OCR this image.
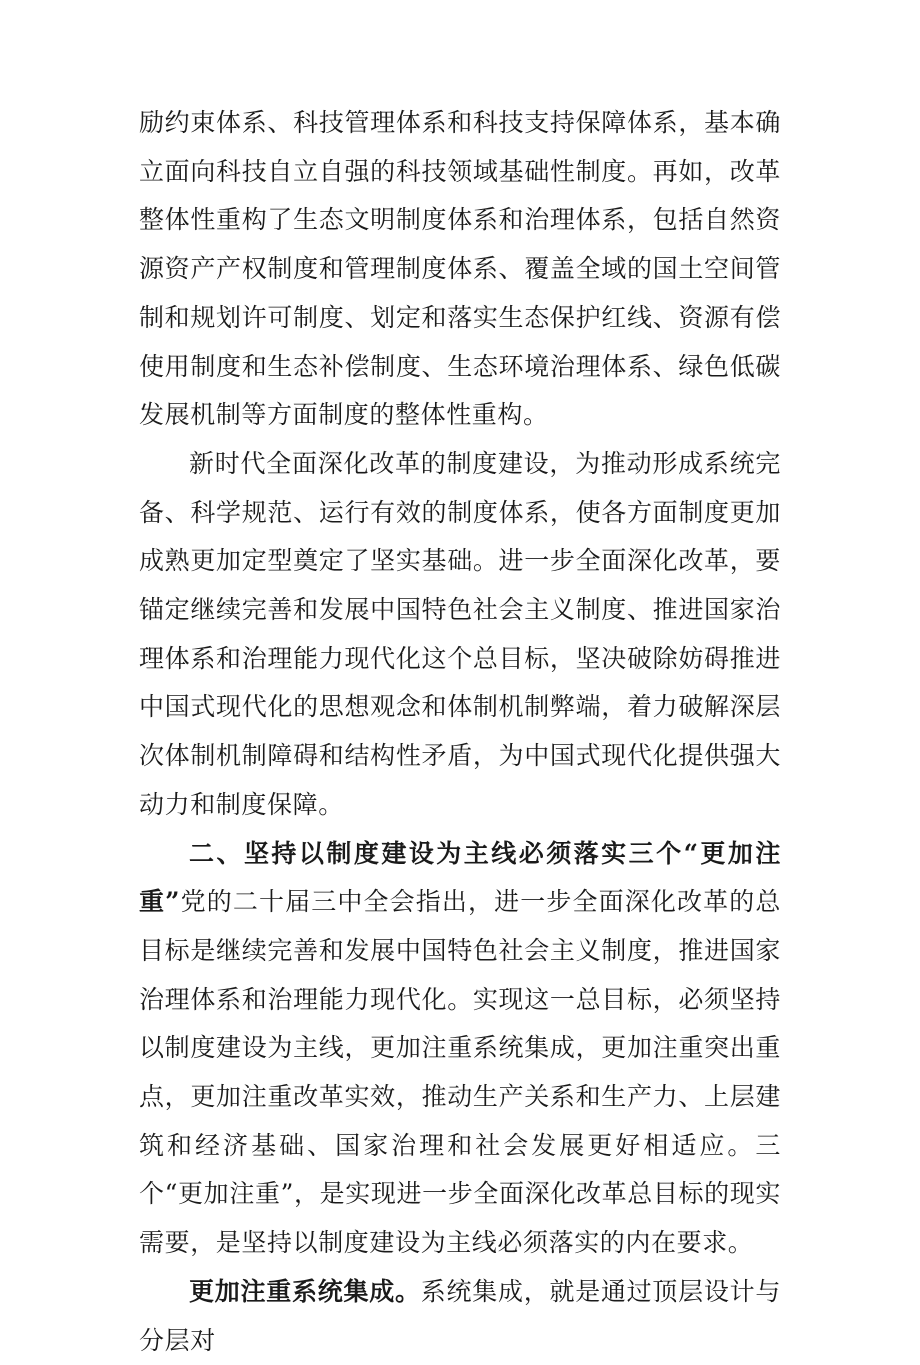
励约束体系、科技管理体系和科技支持保障体系，基本确立面向科技自立自强的科技领域基础性制度。再如，改革整体性重构了生态文明制度体系和治理体系，包括自然资源资产产权制度和管理制度体系、覆盖全域的国土空间管制和规划许可制度、划定和落实生态保护红线、资源有偿使用制度和生态补偿制度、生态环境治理体系、绿色低碳发展机制等方面制度的整体性重构。

新时代全面深化改革的制度建设，为推动形成系统完备、科学规范、运行有效的制度体系，使各方面制度更加成熟更加定型奠定了坚实基础。进一步全面深化改革，要锚定继续完善和发展中国特色社会主义制度、推进国家治理体系和治理能力现代化这个总目标，坚决破除妨碍推进中国式现代化的思想观念和体制机制弊端，着力破解深层次体制机制障碍和结构性矛盾，为中国式现代化提供强大动力和制度保障。

二、坚持以制度建设为主线必须落实三个“更加注重”党的二十届三中全会指出，进一步全面深化改革的总目标是继续完善和发展中国特色社会主义制度，推进国家治理体系和治理能力现代化。实现这一总目标，必须坚持以制度建设为主线，更加注重系统集成，更加注重突出重点，更加注重改革实效，推动生产关系和生产力、上层建筑和经济基础、国家治理和社会发展更好相适应。三个“更加注重”，是实现进一步全面深化改革总目标的现实需要，是坚持以制度建设为主线必须落实的内在要求。

更加注重系统集成。系统集成，就是通过顶层设计与分层对
